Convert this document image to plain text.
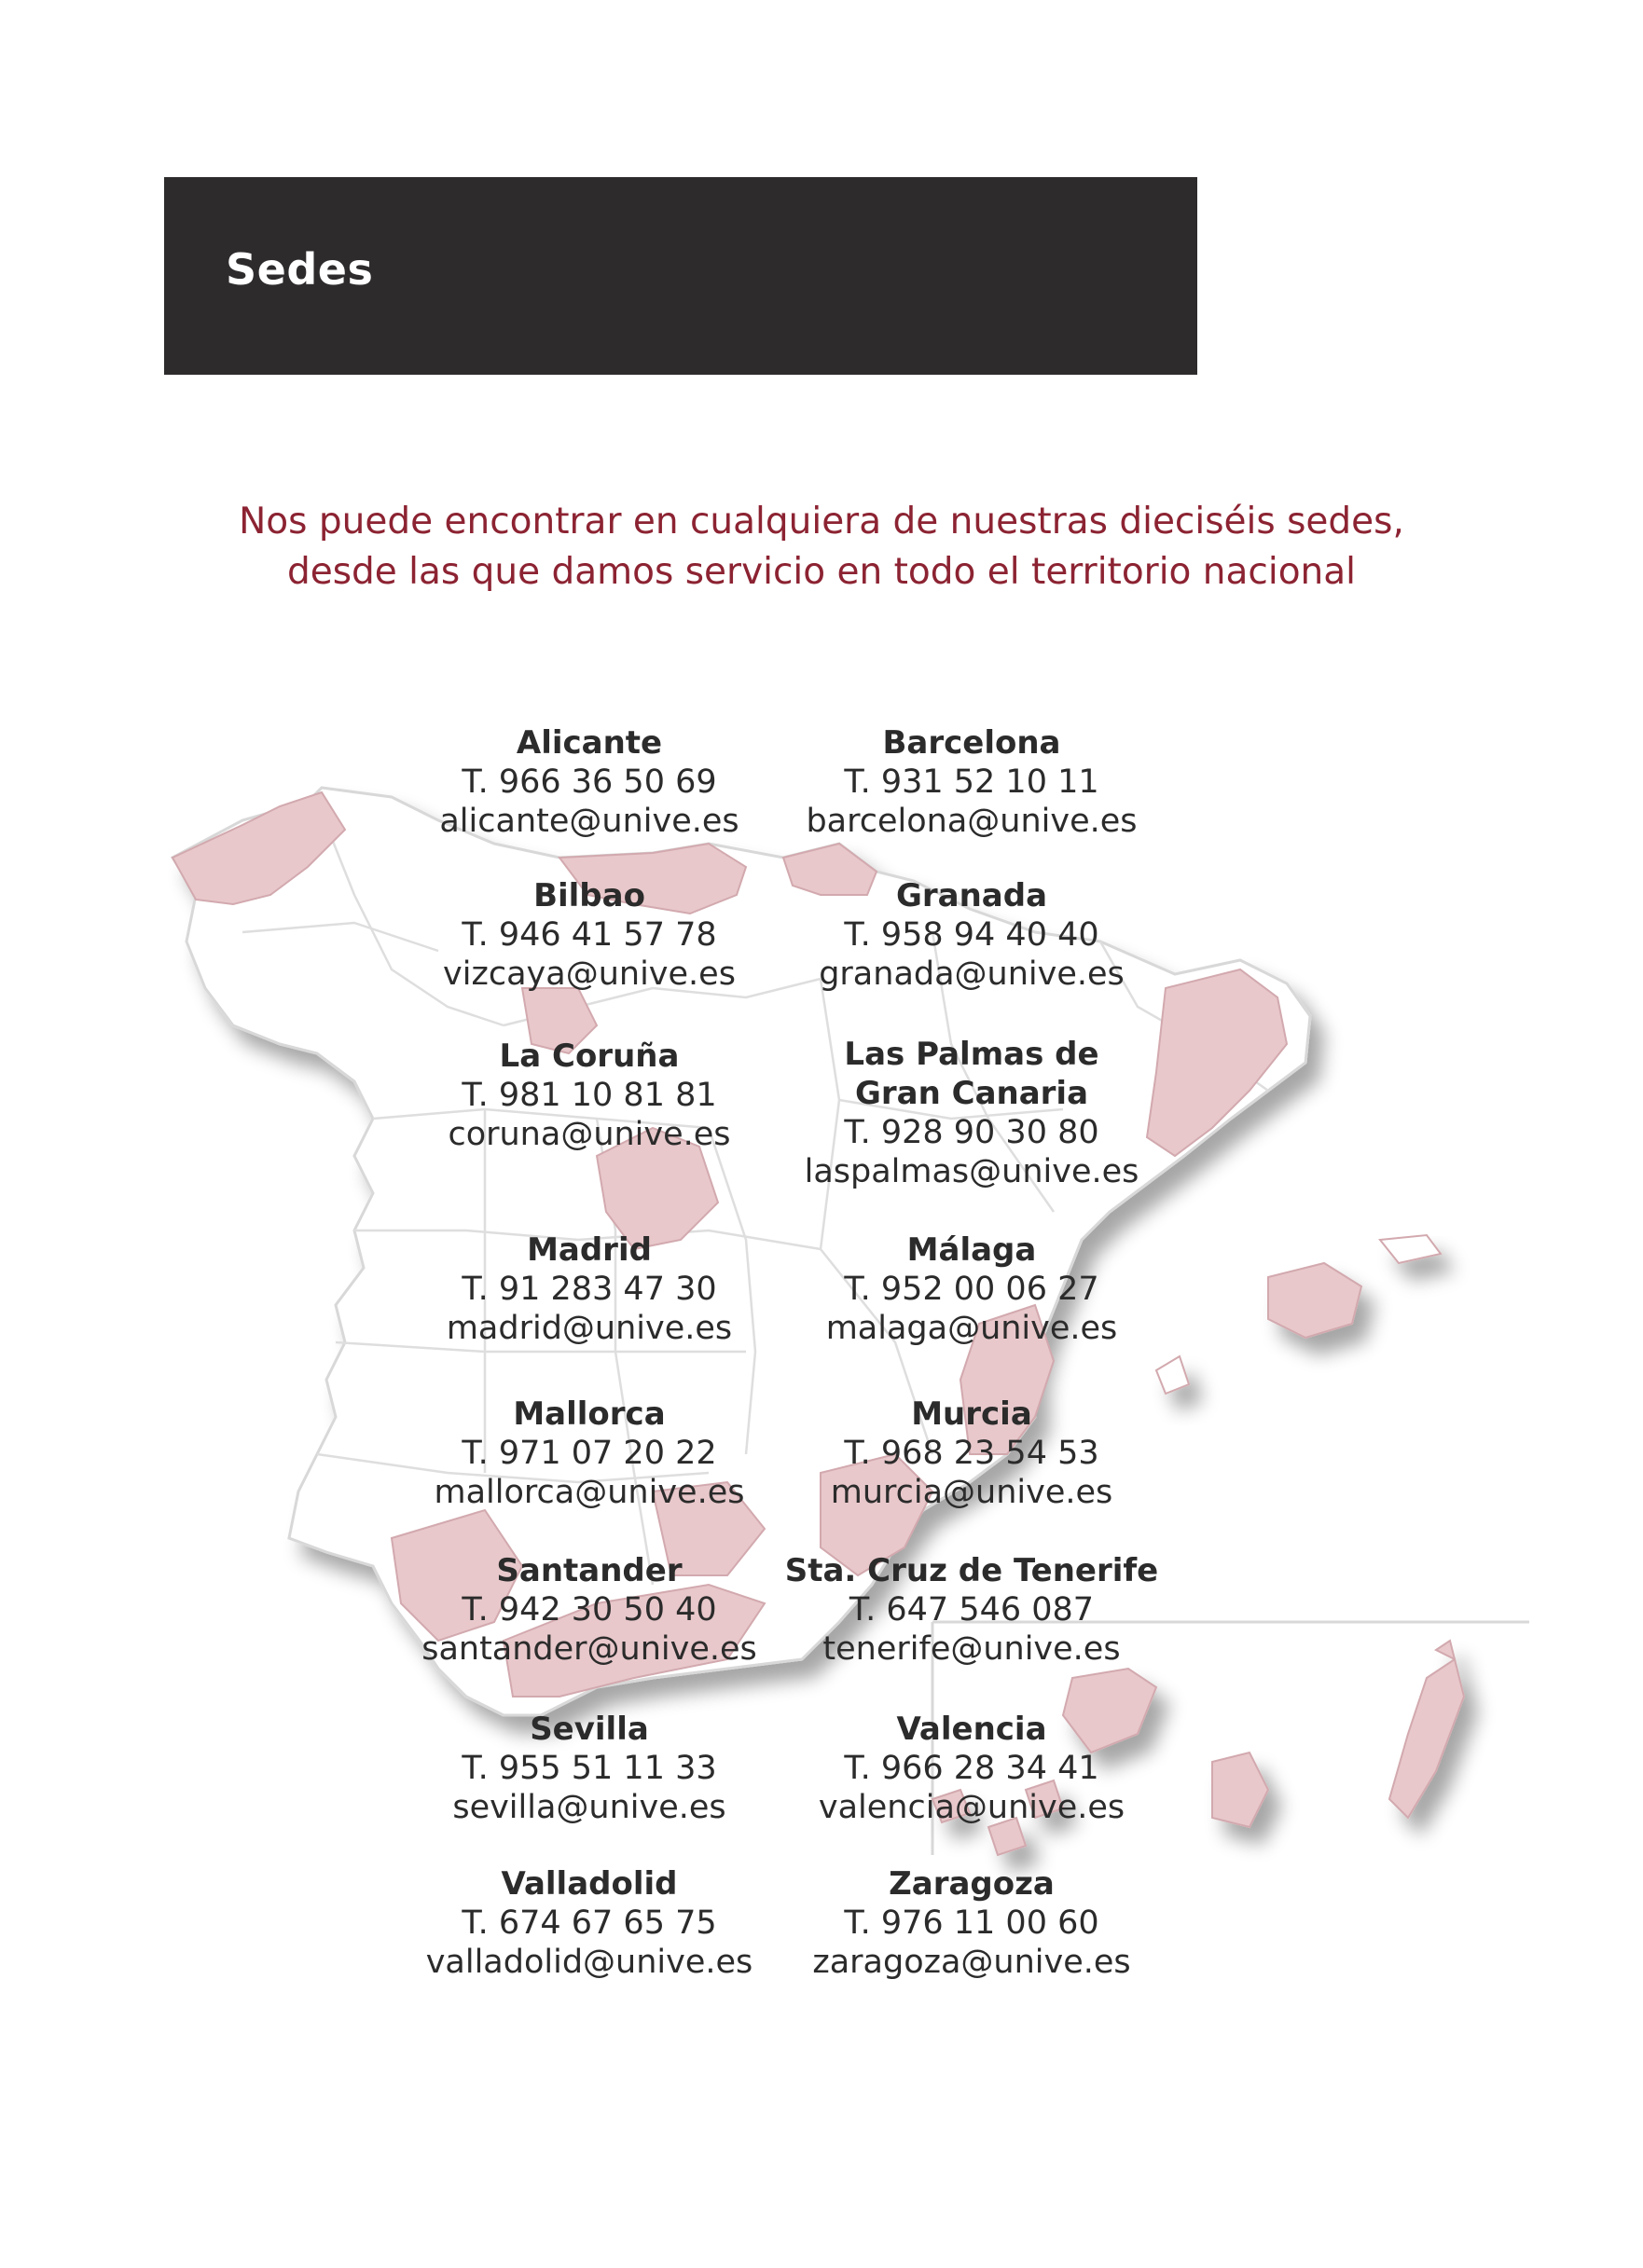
Sedes
Nos puede encontrar en cualquiera de nuestras dieciséis sedes,
desde las que damos servicio en todo el territorio nacional
Alicante
T. 966 36 50 69
alicante@unive.es
Barcelona
T. 931 52 10 11
barcelona@unive.es
Bilbao
T. 946 41 57 78
vizcaya@unive.es
Granada
T. 958 94 40 40
granada@unive.es
La Coruña
T. 981 10 81 81
coruna@unive.es
Las Palmas de
Gran Canaria
T. 928 90 30 80
laspalmas@unive.es
Madrid
T. 91 283 47 30
madrid@unive.es
Málaga
T. 952 00 06 27
malaga@unive.es
Mallorca
T. 971 07 20 22
mallorca@unive.es
Murcia
T. 968 23 54 53
murcia@unive.es
Santander
T. 942 30 50 40
santander@unive.es
Sta. Cruz de Tenerife
T. 647 546 087
tenerife@unive.es
Sevilla
T. 955 51 11 33
sevilla@unive.es
Valencia
T. 966 28 34 41
valencia@unive.es
Valladolid
T. 674 67 65 75
valladolid@unive.es
Zaragoza
T. 976 11 00 60
zaragoza@unive.es
